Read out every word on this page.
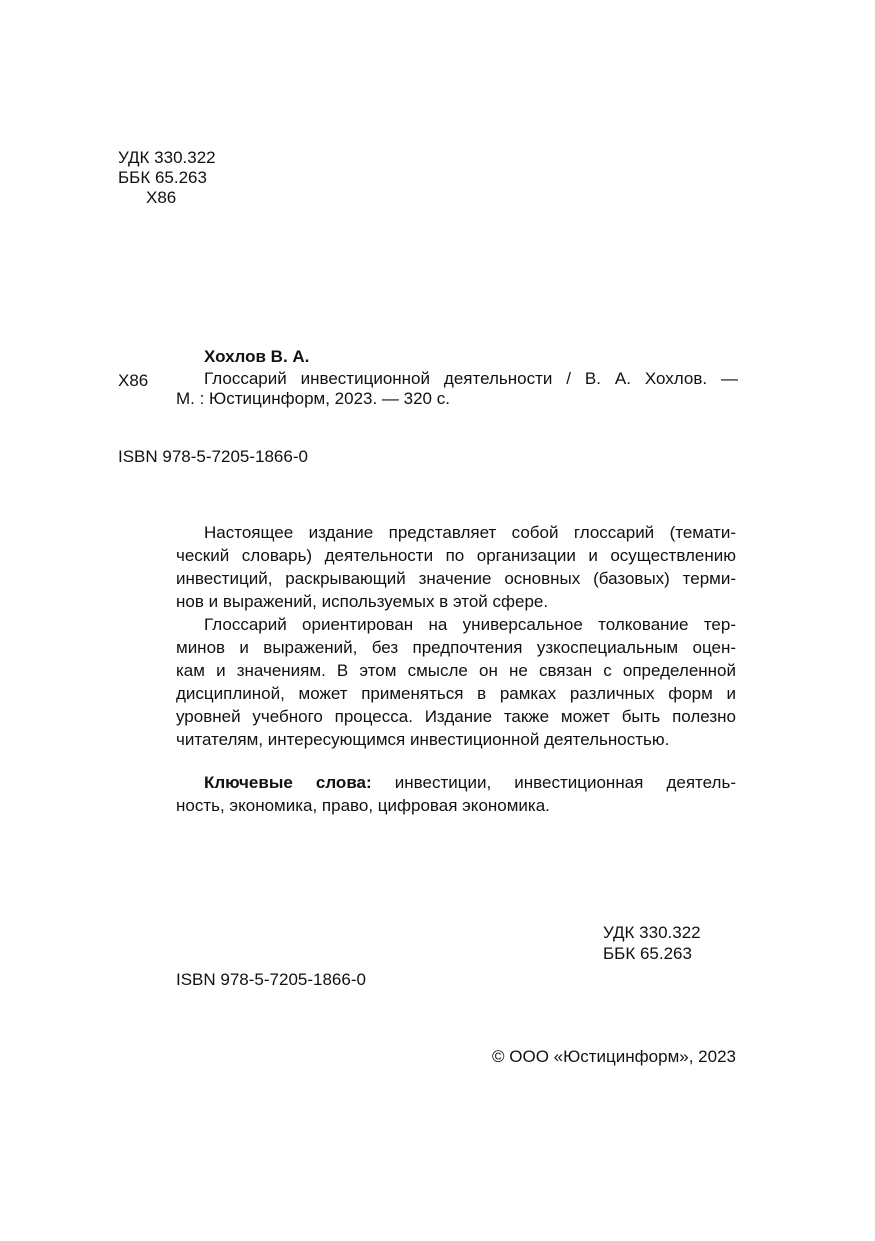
УДК 330.322
ББК 65.263
Х86
Хохлов В. А.
Х86	Глоссарий инвестиционной деятельности / В. А. Хохлов. —
М. : Юстицинформ, 2023. — 320 с.
ISBN 978-5-7205-1866-0
Настоящее издание представляет собой глоссарий (темати-
ческий словарь) деятельности по организации и осуществлению
инвестиций, раскрывающий значение основных (базовых) терми-
нов и выражений, используемых в этой сфере.
Глоссарий ориентирован на универсальное толкование тер-
минов и выражений, без предпочтения узкоспециальным оцен-
кам и значениям. В этом смысле он не связан с определенной
дисциплиной, может применяться в рамках различных форм и
уровней учебного процесса. Издание также может быть полезно
читателям, интересующимся инвестиционной деятельностью.
Ключевые слова: инвестиции, инвестиционная деятель-
ность, экономика, право, цифровая экономика.
УДК 330.322
ББК 65.263
ISBN 978-5-7205-1866-0
© ООО «Юстицинформ», 2023
